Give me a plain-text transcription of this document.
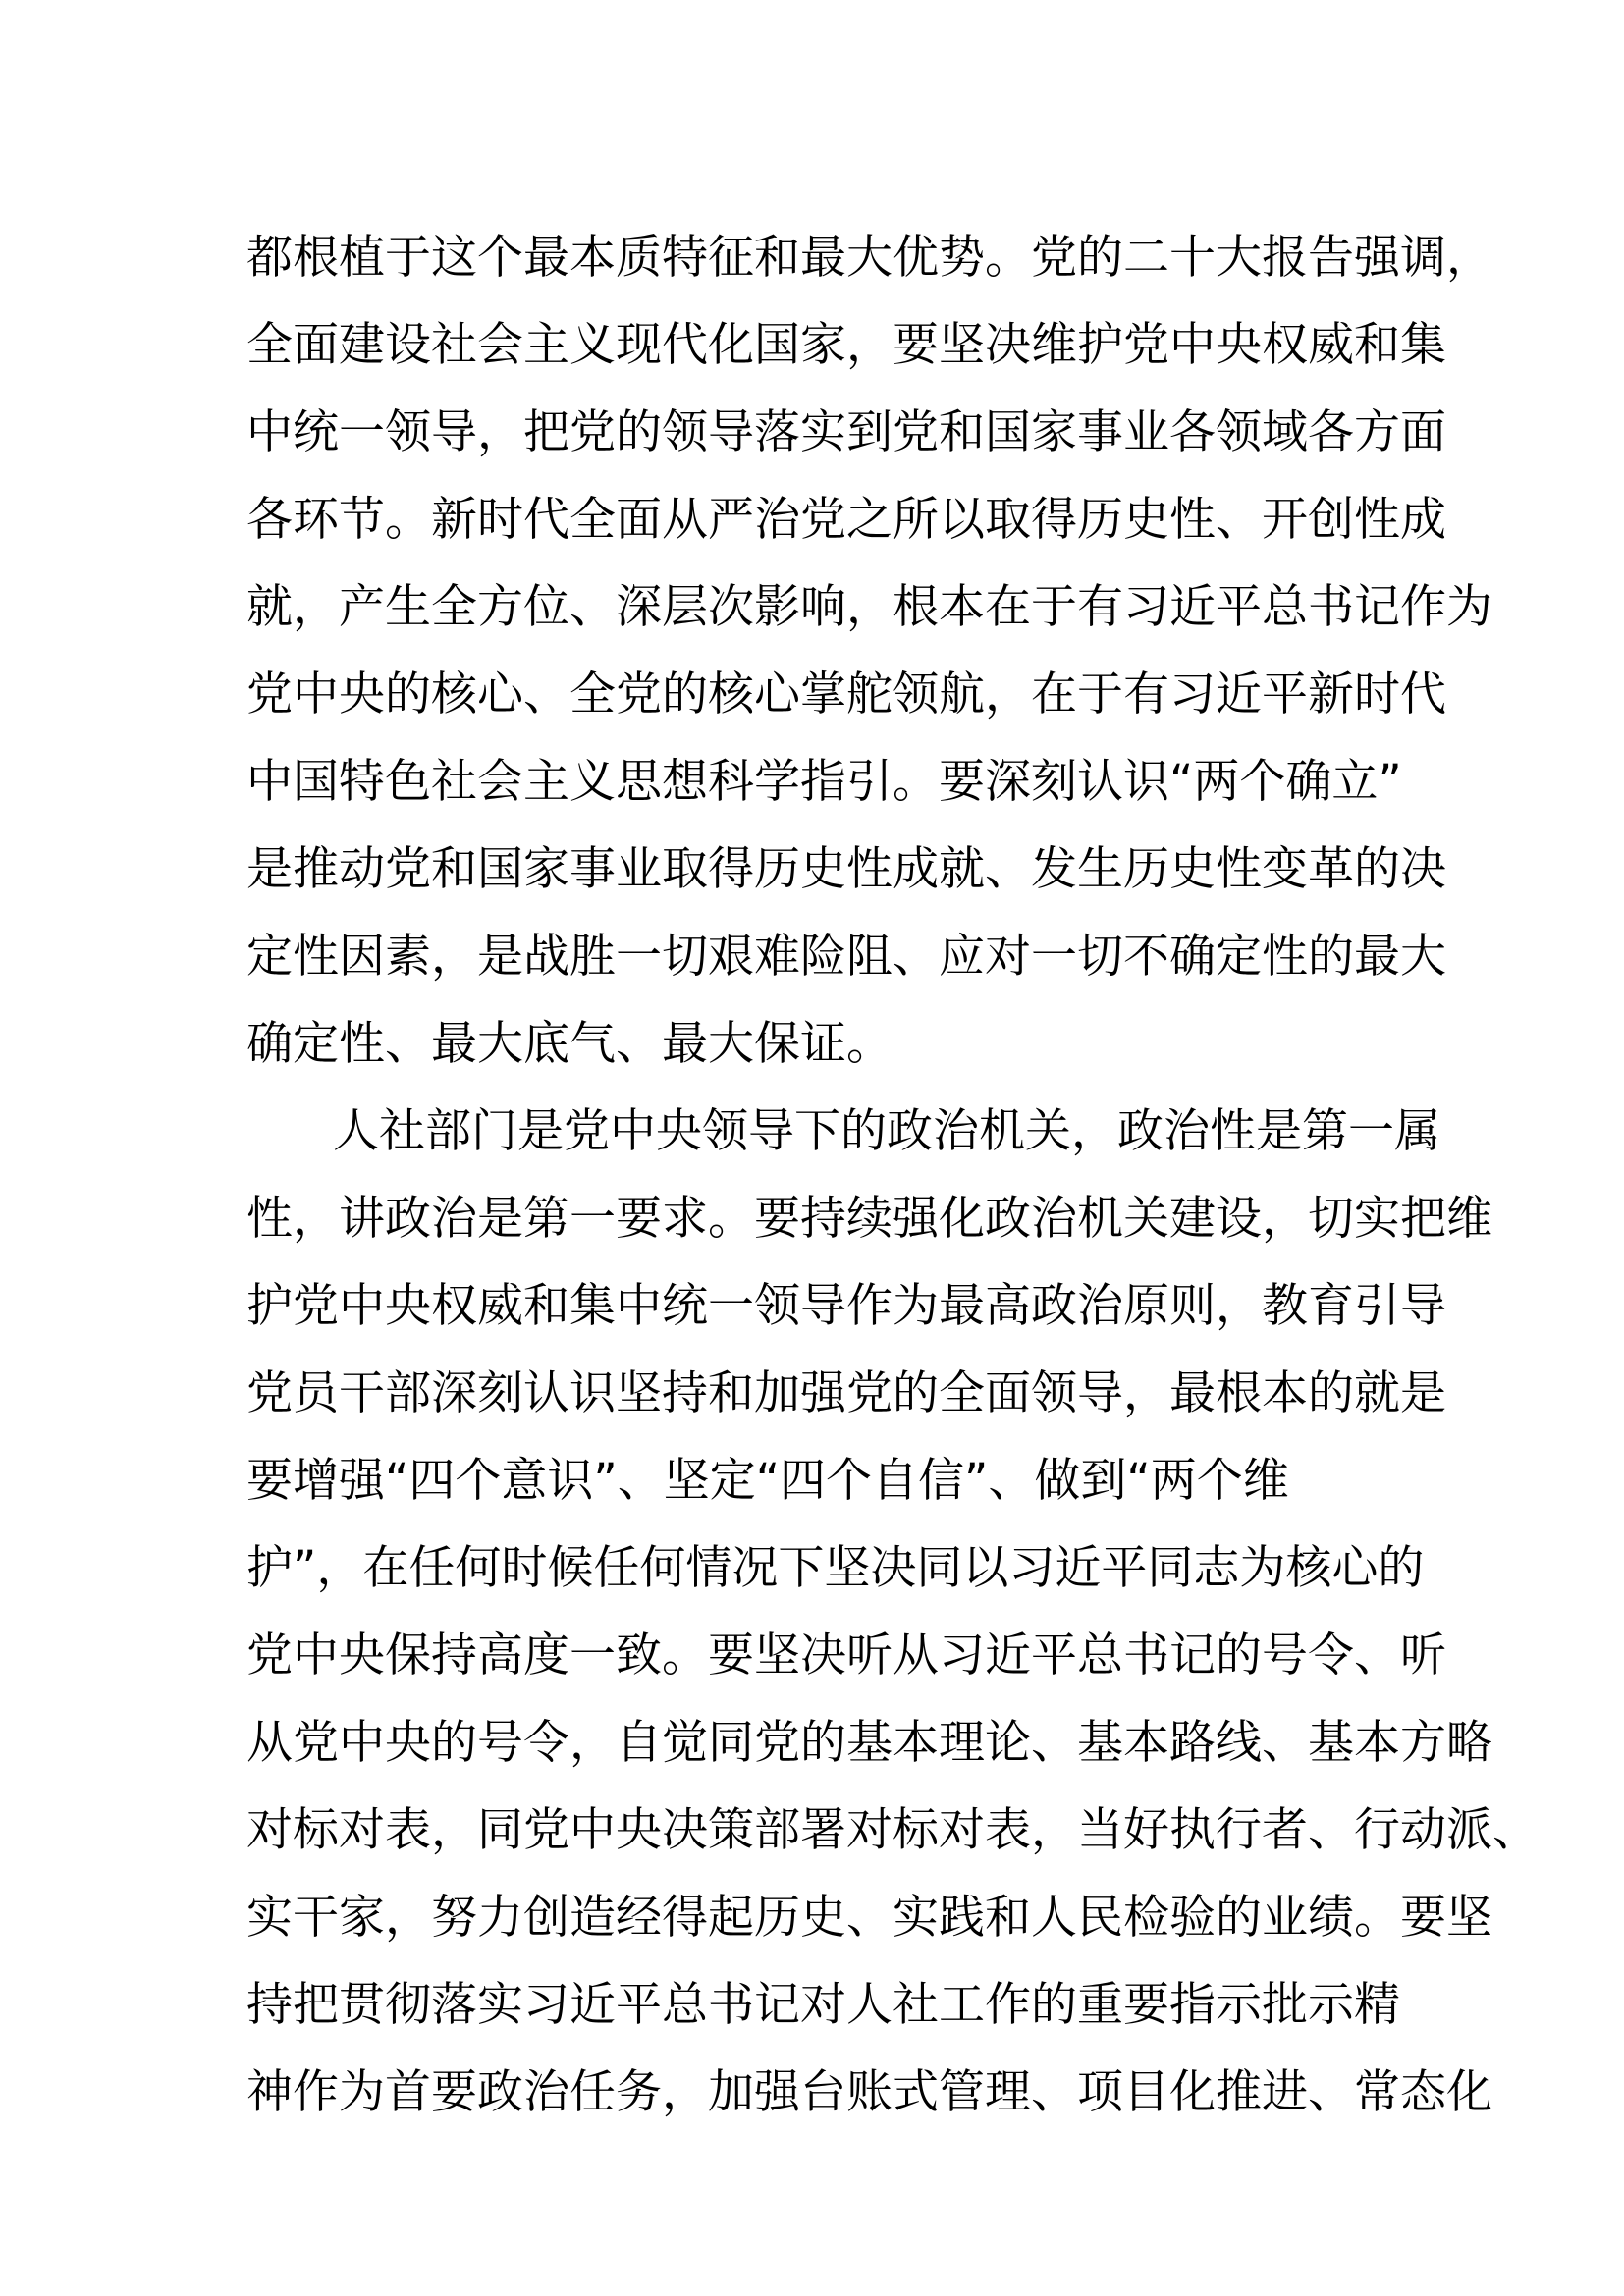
都根植于这个最本质特征和最大优势。党的二十大报告强调，
全面建设社会主义现代化国家，要坚决维护党中央权威和集
中统一领导，把党的领导落实到党和国家事业各领域各方面
各环节。新时代全面从严治党之所以取得历史性、开创性成
就，产生全方位、深层次影响，根本在于有习近平总书记作为
党中央的核心、全党的核心掌舵领航，在于有习近平新时代
中国特色社会主义思想科学指引。要深刻认识“两个确立”
是推动党和国家事业取得历史性成就、发生历史性变革的决
定性因素，是战胜一切艰难险阻、应对一切不确定性的最大
确定性、最大底气、最大保证。
人社部门是党中央领导下的政治机关，政治性是第一属
性，讲政治是第一要求。要持续强化政治机关建设，切实把维
护党中央权威和集中统一领导作为最高政治原则，教育引导
党员干部深刻认识坚持和加强党的全面领导，最根本的就是
要增强“四个意识”、坚定“四个自信”、做到“两个维
护”，在任何时候任何情况下坚决同以习近平同志为核心的
党中央保持高度一致。要坚决听从习近平总书记的号令、听
从党中央的号令，自觉同党的基本理论、基本路线、基本方略
对标对表，同党中央决策部署对标对表，当好执行者、行动派、
实干家，努力创造经得起历史、实践和人民检验的业绩。要坚
持把贯彻落实习近平总书记对人社工作的重要指示批示精
神作为首要政治任务，加强台账式管理、项目化推进、常态化
